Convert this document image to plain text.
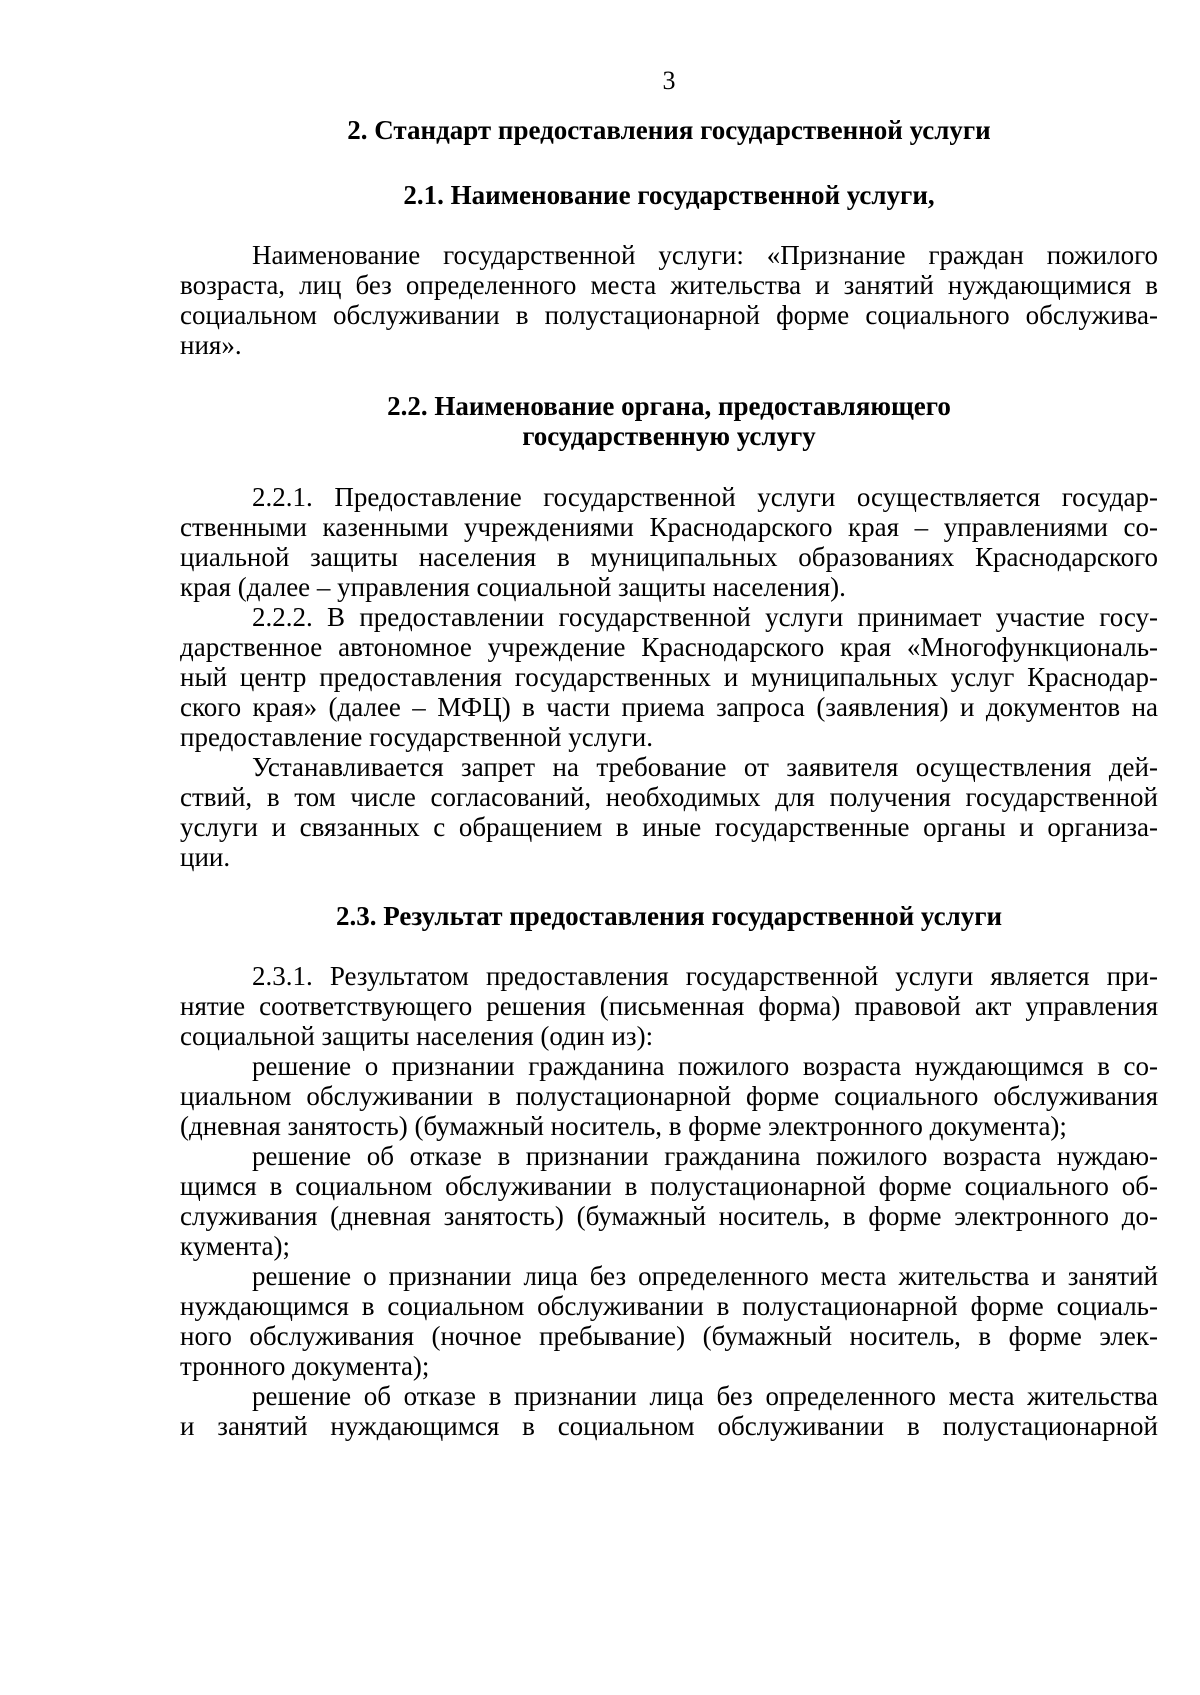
3
2. Стандарт предоставления государственной услуги
2.1. Наименование государственной услуги,
Наименование государственной услуги: «Признание граждан пожилого
возраста, лиц без определенного места жительства и занятий нуждающимися в
социальном обслуживании в полустационарной форме социального обслужива-
ния».
2.2. Наименование органа, предоставляющего
государственную услугу
2.2.1. Предоставление государственной услуги осуществляется государ-
ственными казенными учреждениями Краснодарского края – управлениями со-
циальной защиты населения в муниципальных образованиях Краснодарского
края (далее – управления социальной защиты населения).
2.2.2. В предоставлении государственной услуги принимает участие госу-
дарственное автономное учреждение Краснодарского края «Многофункциональ-
ный центр предоставления государственных и муниципальных услуг Краснодар-
ского края» (далее – МФЦ) в части приема запроса (заявления) и документов на
предоставление государственной услуги.
Устанавливается запрет на требование от заявителя осуществления дей-
ствий, в том числе согласований, необходимых для получения государственной
услуги и связанных с обращением в иные государственные органы и организа-
ции.
2.3. Результат предоставления государственной услуги
2.3.1. Результатом предоставления государственной услуги является при-
нятие соответствующего решения (письменная форма) правовой акт управления
социальной защиты населения (один из):
решение о признании гражданина пожилого возраста нуждающимся в со-
циальном обслуживании в полустационарной форме социального обслуживания
(дневная занятость) (бумажный носитель, в форме электронного документа);
решение об отказе в признании гражданина пожилого возраста нуждаю-
щимся в социальном обслуживании в полустационарной форме социального об-
служивания (дневная занятость) (бумажный носитель, в форме электронного до-
кумента);
решение о признании лица без определенного места жительства и занятий
нуждающимся в социальном обслуживании в полустационарной форме социаль-
ного обслуживания (ночное пребывание) (бумажный носитель, в форме элек-
тронного документа);
решение об отказе в признании лица без определенного места жительства
и занятий нуждающимся в социальном обслуживании в полустационарной
